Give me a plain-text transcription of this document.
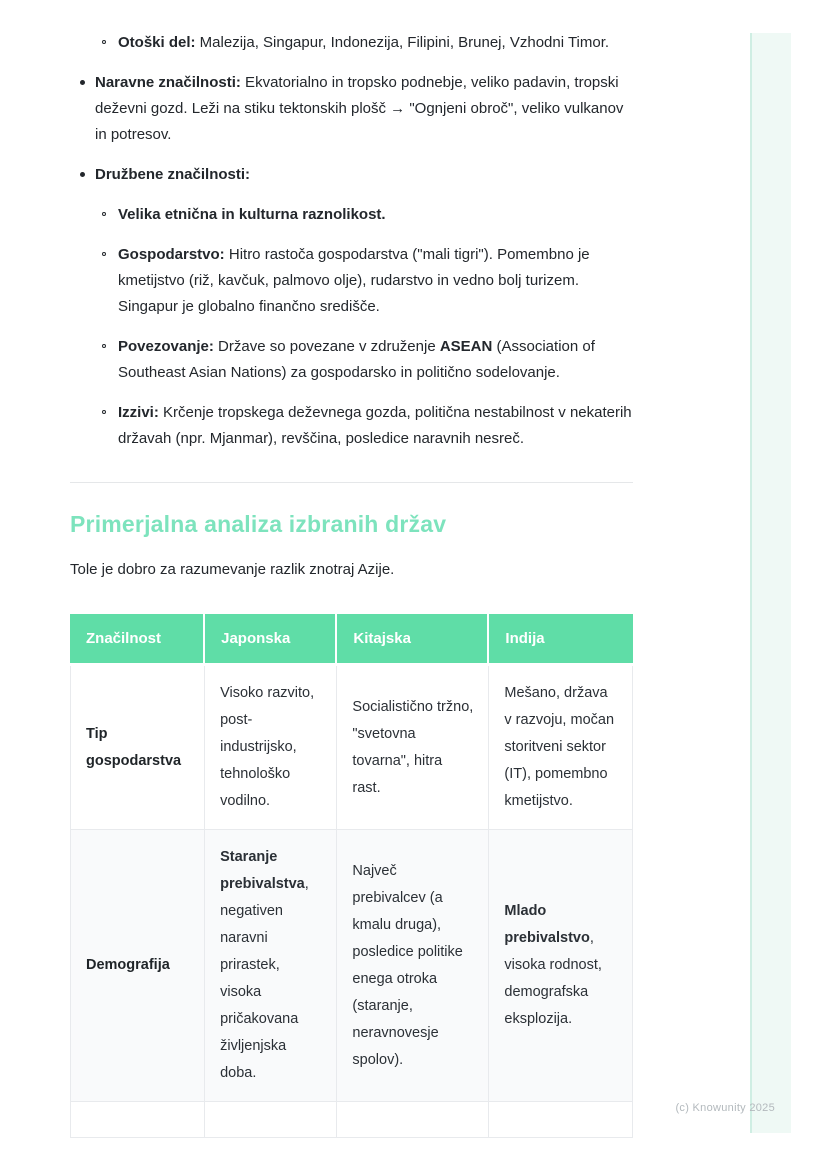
Otoški del: Malezija, Singapur, Indonezija, Filipini, Brunej, Vzhodni Timor.
Naravne značilnosti: Ekvatorialno in tropsko podnebje, veliko padavin, tropski deževni gozd. Leži na stiku tektonskih plošč → "Ognjeni obroč", veliko vulkanov in potresov.
Družbene značilnosti:
Velika etnična in kulturna raznolikost.
Gospodarstvo: Hitro rastoča gospodarstva ("mali tigri"). Pomembno je kmetijstvo (riž, kavčuk, palmovo olje), rudarstvo in vedno bolj turizem. Singapur je globalno finančno središče.
Povezovanje: Države so povezane v združenje ASEAN (Association of Southeast Asian Nations) za gospodarsko in politično sodelovanje.
Izzivi: Krčenje tropskega deževnega gozda, politična nestabilnost v nekaterih državah (npr. Mjanmar), revščina, posledice naravnih nesreč.
Primerjalna analiza izbranih držav

Tole je dobro za razumevanje razlik znotraj Azije.

Značilnost	Japonska	Kitajska	Indija
Tip gospodarstva	Visoko razvito, post-industrijsko, tehnološko vodilno.	Socialistično tržno, "svetovna tovarna", hitra rast.	Mešano, država v razvoju, močan storitveni sektor (IT), pomembno kmetijstvo.
Demografija	Staranje prebivalstva, negativen naravni prirastek, visoka pričakovana življenjska doba.	Največ prebivalcev (a kmalu druga), posledice politike enega otroka (staranje, neravnovesje spolov).	Mlado prebivalstvo, visoka rodnost, demografska eksplozija.

(c) Knowunity 2025
